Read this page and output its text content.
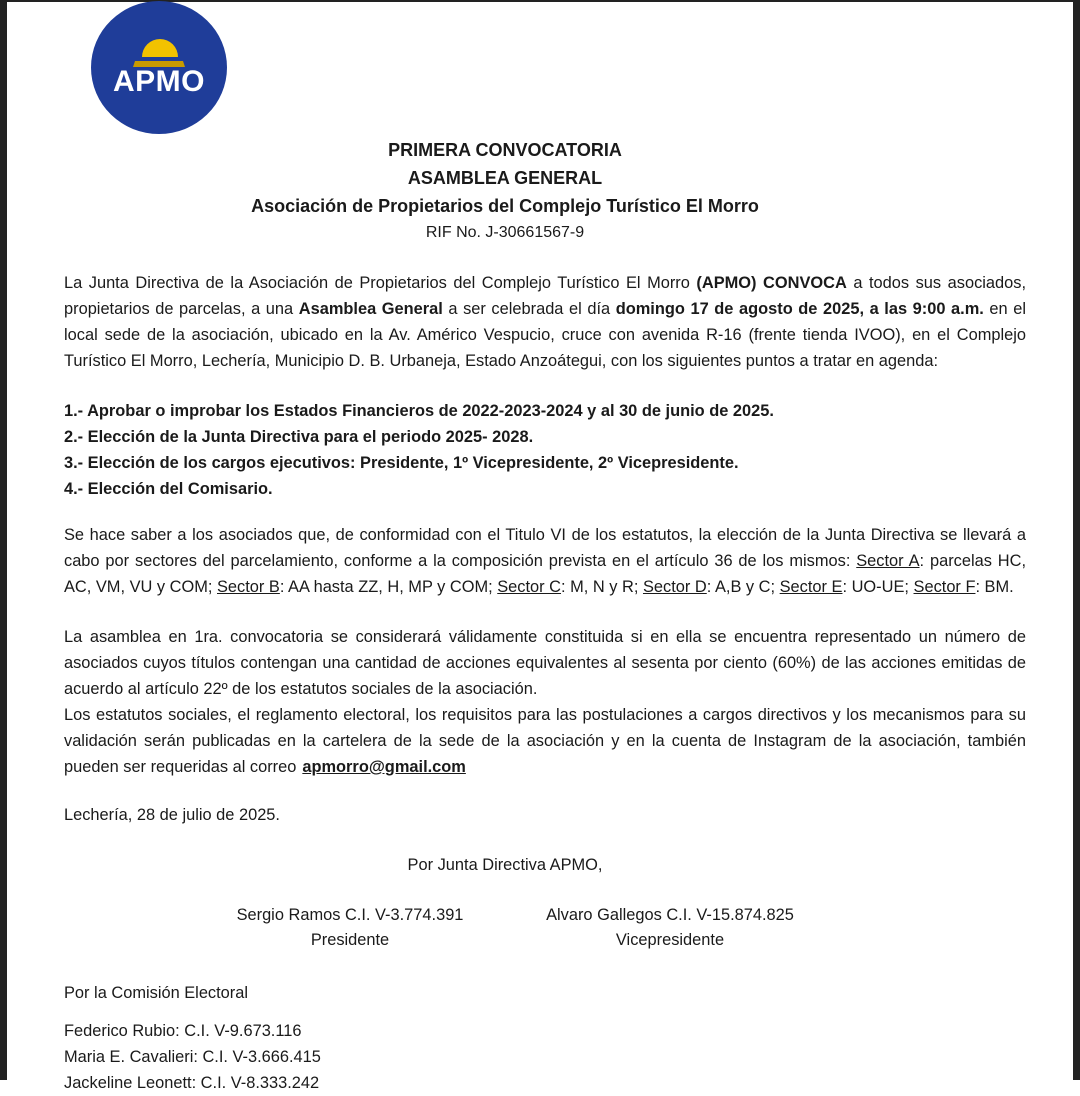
APMO
PRIMERA CONVOCATORIA
ASAMBLEA GENERAL
Asociación de Propietarios del Complejo Turístico El Morro
RIF No. J-30661567-9
La Junta Directiva de la Asociación de Propietarios del Complejo Turístico El Morro (APMO) CONVOCA a todos sus asociados, propietarios de parcelas, a una Asamblea General a ser celebrada el día domingo 17 de agosto de 2025, a las 9:00 a.m. en el local sede de la asociación, ubicado en la Av. Américo Vespucio, cruce con avenida R-16 (frente tienda IVOO), en el Complejo Turístico El Morro, Lechería, Municipio D. B. Urbaneja, Estado Anzoátegui, con los siguientes puntos a tratar en agenda:
1.- Aprobar o improbar los Estados Financieros de 2022-2023-2024 y al 30 de junio de 2025.
2.- Elección de la Junta Directiva para el periodo 2025- 2028.
3.- Elección de los cargos ejecutivos: Presidente, 1º Vicepresidente, 2º Vicepresidente.
4.- Elección del Comisario.
Se hace saber a los asociados que, de conformidad con el Titulo VI de los estatutos, la elección de la Junta Directiva se llevará a cabo por sectores del parcelamiento, conforme a la composición prevista en el artículo 36 de los mismos: Sector A: parcelas HC, AC, VM, VU y COM; Sector B: AA hasta ZZ, H, MP y COM; Sector C: M, N y R; Sector D: A,B y C; Sector E: UO-UE; Sector F: BM.
La asamblea en 1ra. convocatoria se considerará válidamente constituida si en ella se encuentra representado un número de asociados cuyos títulos contengan una cantidad de acciones equivalentes al sesenta por ciento (60%) de las acciones emitidas de acuerdo al artículo 22º de los estatutos sociales de la asociación.
Los estatutos sociales, el reglamento electoral, los requisitos para las postulaciones a cargos directivos y los mecanismos para su validación serán publicadas en la cartelera de la sede de la asociación y en la cuenta de Instagram de la asociación, también pueden ser requeridas al correo apmorro@gmail.com
Lechería, 28 de julio de 2025.
Por Junta Directiva APMO,
Sergio Ramos C.I. V-3.774.391
Presidente
Alvaro Gallegos C.I. V-15.874.825
Vicepresidente
Por la Comisión Electoral
Federico Rubio: C.I. V-9.673.116
Maria E. Cavalieri: C.I. V-3.666.415
Jackeline Leonett: C.I. V-8.333.242
